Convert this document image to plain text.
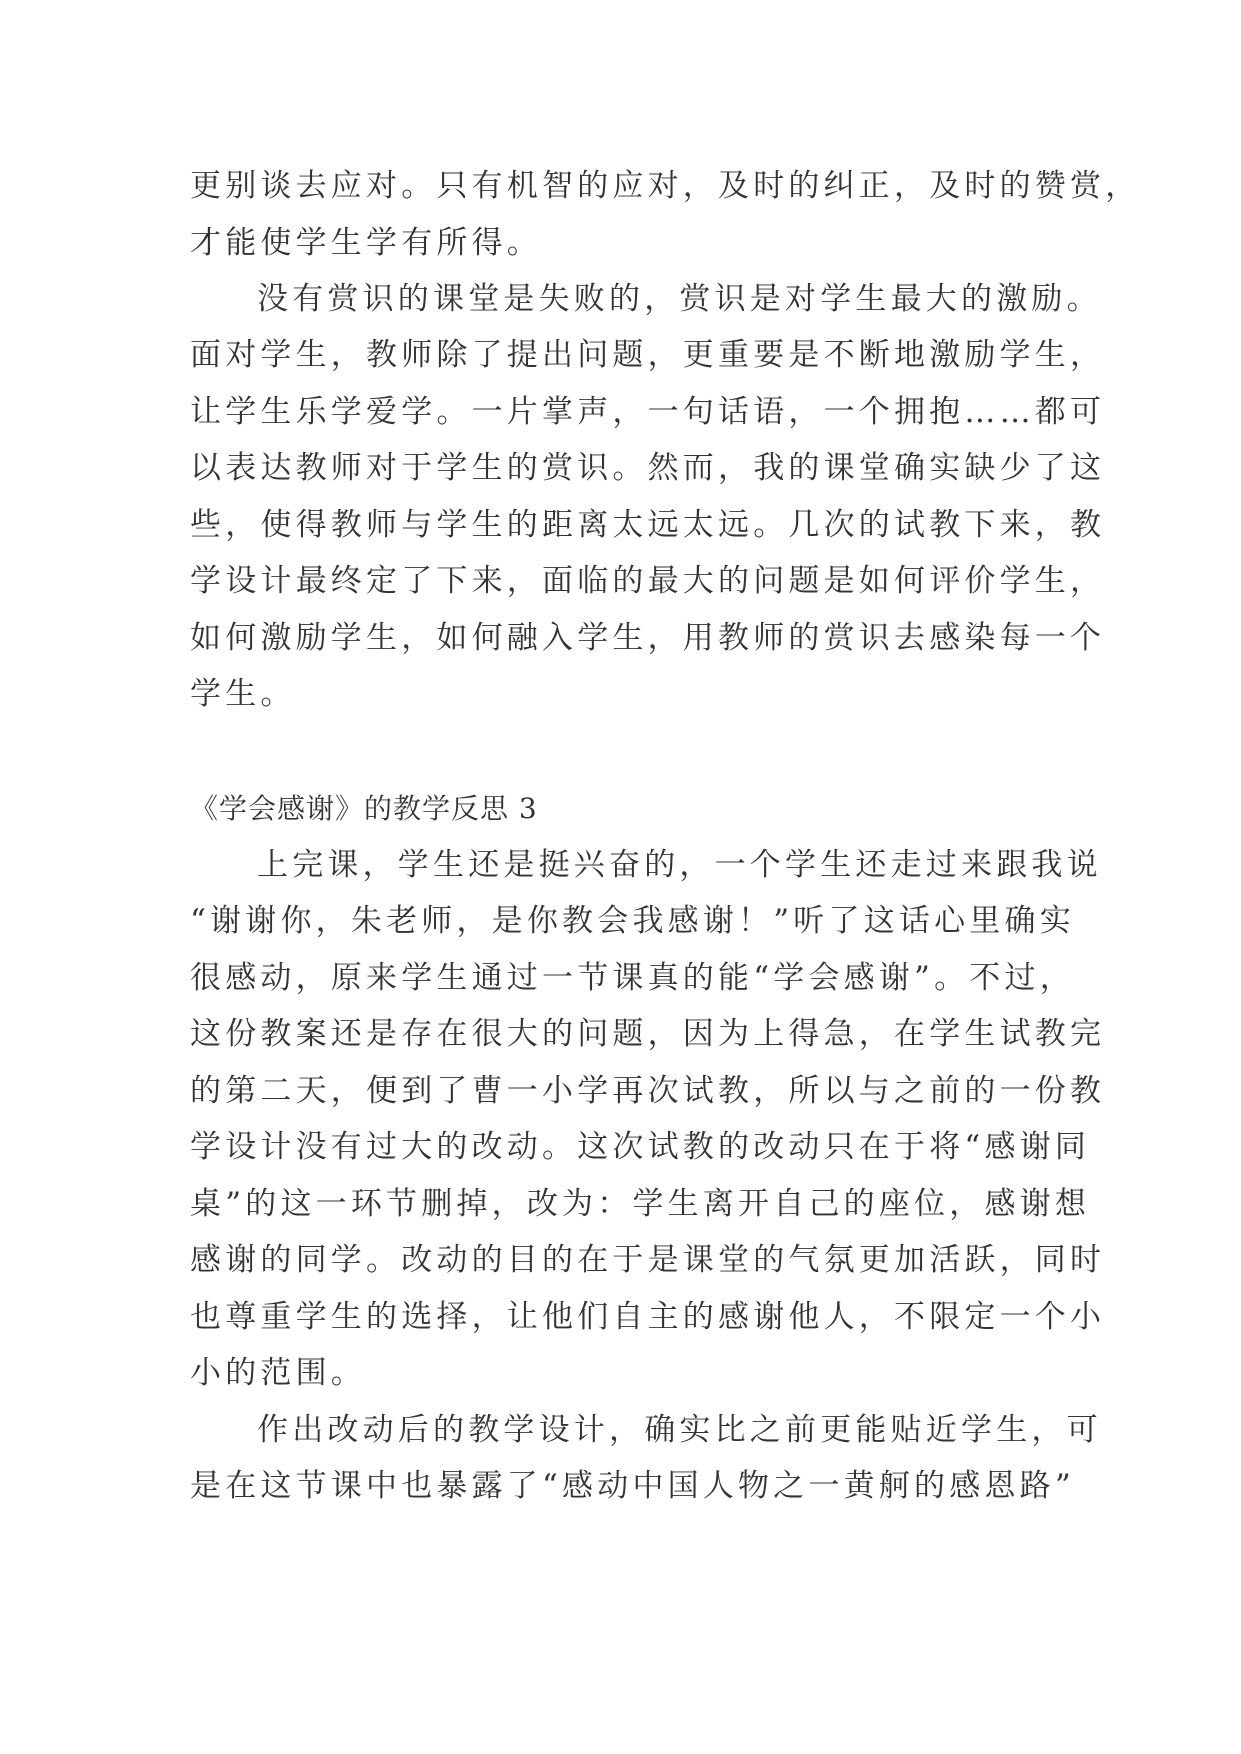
更别谈去应对。只有机智的应对，及时的纠正，及时的赞赏，
才能使学生学有所得。
没有赏识的课堂是失败的，赏识是对学生最大的激励。
面对学生，教师除了提出问题，更重要是不断地激励学生，
让学生乐学爱学。一片掌声，一句话语，一个拥抱……都可
以表达教师对于学生的赏识。然而，我的课堂确实缺少了这
些，使得教师与学生的距离太远太远。几次的试教下来，教
学设计最终定了下来，面临的最大的问题是如何评价学生，
如何激励学生，如何融入学生，用教师的赏识去感染每一个
学生。
《学会感谢》的教学反思 3
上完课，学生还是挺兴奋的，一个学生还走过来跟我说
“谢谢你，朱老师，是你教会我感谢！”听了这话心里确实
很感动，原来学生通过一节课真的能“学会感谢”。不过，
这份教案还是存在很大的问题，因为上得急，在学生试教完
的第二天，便到了曹一小学再次试教，所以与之前的一份教
学设计没有过大的改动。这次试教的改动只在于将“感谢同
桌”的这一环节删掉，改为：学生离开自己的座位，感谢想
感谢的同学。改动的目的在于是课堂的气氛更加活跃，同时
也尊重学生的选择，让他们自主的感谢他人，不限定一个小
小的范围。
作出改动后的教学设计，确实比之前更能贴近学生，可
是在这节课中也暴露了“感动中国人物之一黄舸的感恩路”
